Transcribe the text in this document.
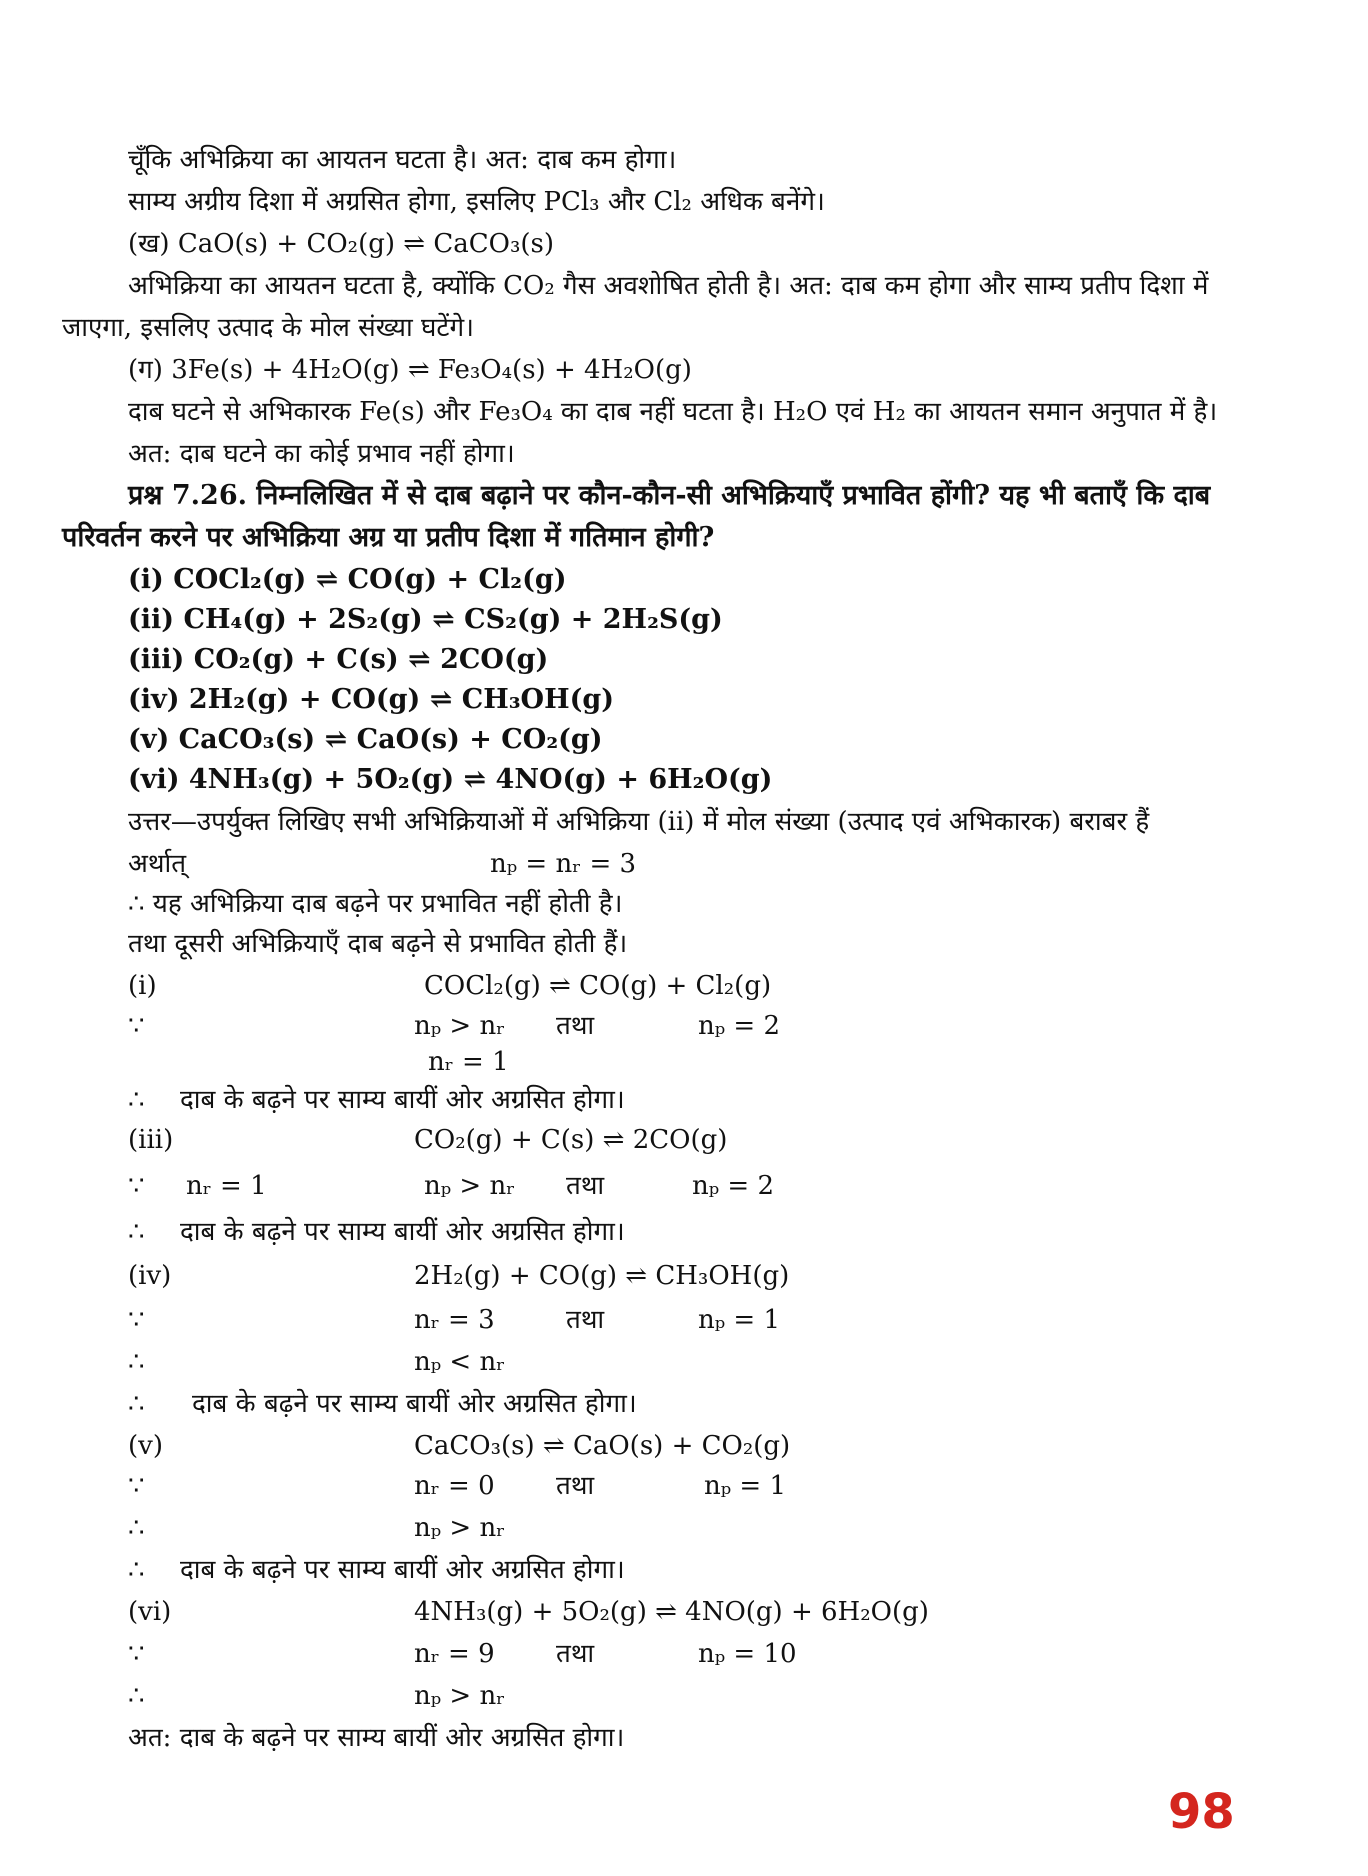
चूँकि अभिक्रिया का आयतन घटता है। अत: दाब कम होगा।
साम्य अग्रीय दिशा में अग्रसित होगा, इसलिए PCl₃ और Cl₂ अधिक बनेंगे।
(ख) CaO(s) + CO₂(g) ⇌ CaCO₃(s)
अभिक्रिया का आयतन घटता है, क्योंकि CO₂ गैस अवशोषित होती है। अत: दाब कम होगा और साम्य प्रतीप दिशा में
जाएगा, इसलिए उत्पाद के मोल संख्या घटेंगे।
(ग) 3Fe(s) + 4H₂O(g) ⇌ Fe₃O₄(s) + 4H₂O(g)
दाब घटने से अभिकारक Fe(s) और Fe₃O₄ का दाब नहीं घटता है। H₂O एवं H₂ का आयतन समान अनुपात में है।
अत: दाब घटने का कोई प्रभाव नहीं होगा।
प्रश्न 7.26. निम्नलिखित में से दाब बढ़ाने पर कौन-कौन-सी अभिक्रियाएँ प्रभावित होंगी? यह भी बताएँ कि दाब
परिवर्तन करने पर अभिक्रिया अग्र या प्रतीप दिशा में गतिमान होगी?
(i) COCl₂(g) ⇌ CO(g) + Cl₂(g)
(ii) CH₄(g) + 2S₂(g) ⇌ CS₂(g) + 2H₂S(g)
(iii) CO₂(g) + C(s) ⇌ 2CO(g)
(iv) 2H₂(g) + CO(g) ⇌ CH₃OH(g)
(v) CaCO₃(s) ⇌ CaO(s) + CO₂(g)
(vi) 4NH₃(g) + 5O₂(g) ⇌ 4NO(g) + 6H₂O(g)
उत्तर—उपर्युक्त लिखिए सभी अभिक्रियाओं में अभिक्रिया (ii) में मोल संख्या (उत्पाद एवं अभिकारक) बराबर हैं
अर्थात्	nₚ = nᵣ = 3
∴ यह अभिक्रिया दाब बढ़ने पर प्रभावित नहीं होती है।
तथा दूसरी अभिक्रियाएँ दाब बढ़ने से प्रभावित होती हैं।
(i)	COCl₂(g) ⇌ CO(g) + Cl₂(g)
∵	nₚ > nᵣ तथा	nₚ = 2
nᵣ = 1
∴ दाब के बढ़ने पर साम्य बायीं ओर अग्रसित होगा।
(iii)	CO₂(g) + C(s) ⇌ 2CO(g)
∵ nᵣ = 1	nₚ > nᵣ तथा	nₚ = 2
∴ दाब के बढ़ने पर साम्य बायीं ओर अग्रसित होगा।
(iv)	2H₂(g) + CO(g) ⇌ CH₃OH(g)
∵	nᵣ = 3	तथा	nₚ = 1
∴	nₚ < nᵣ
∴ दाब के बढ़ने पर साम्य बायीं ओर अग्रसित होगा।
(v)	CaCO₃(s) ⇌ CaO(s) + CO₂(g)
∵	nᵣ = 0 तथा	nₚ = 1
∴	nₚ > nᵣ
∴ दाब के बढ़ने पर साम्य बायीं ओर अग्रसित होगा।
(vi)	4NH₃(g) + 5O₂(g) ⇌ 4NO(g) + 6H₂O(g)
∵	nᵣ = 9 तथा	nₚ = 10
∴	nₚ > nᵣ
अत: दाब के बढ़ने पर साम्य बायीं ओर अग्रसित होगा।
98
